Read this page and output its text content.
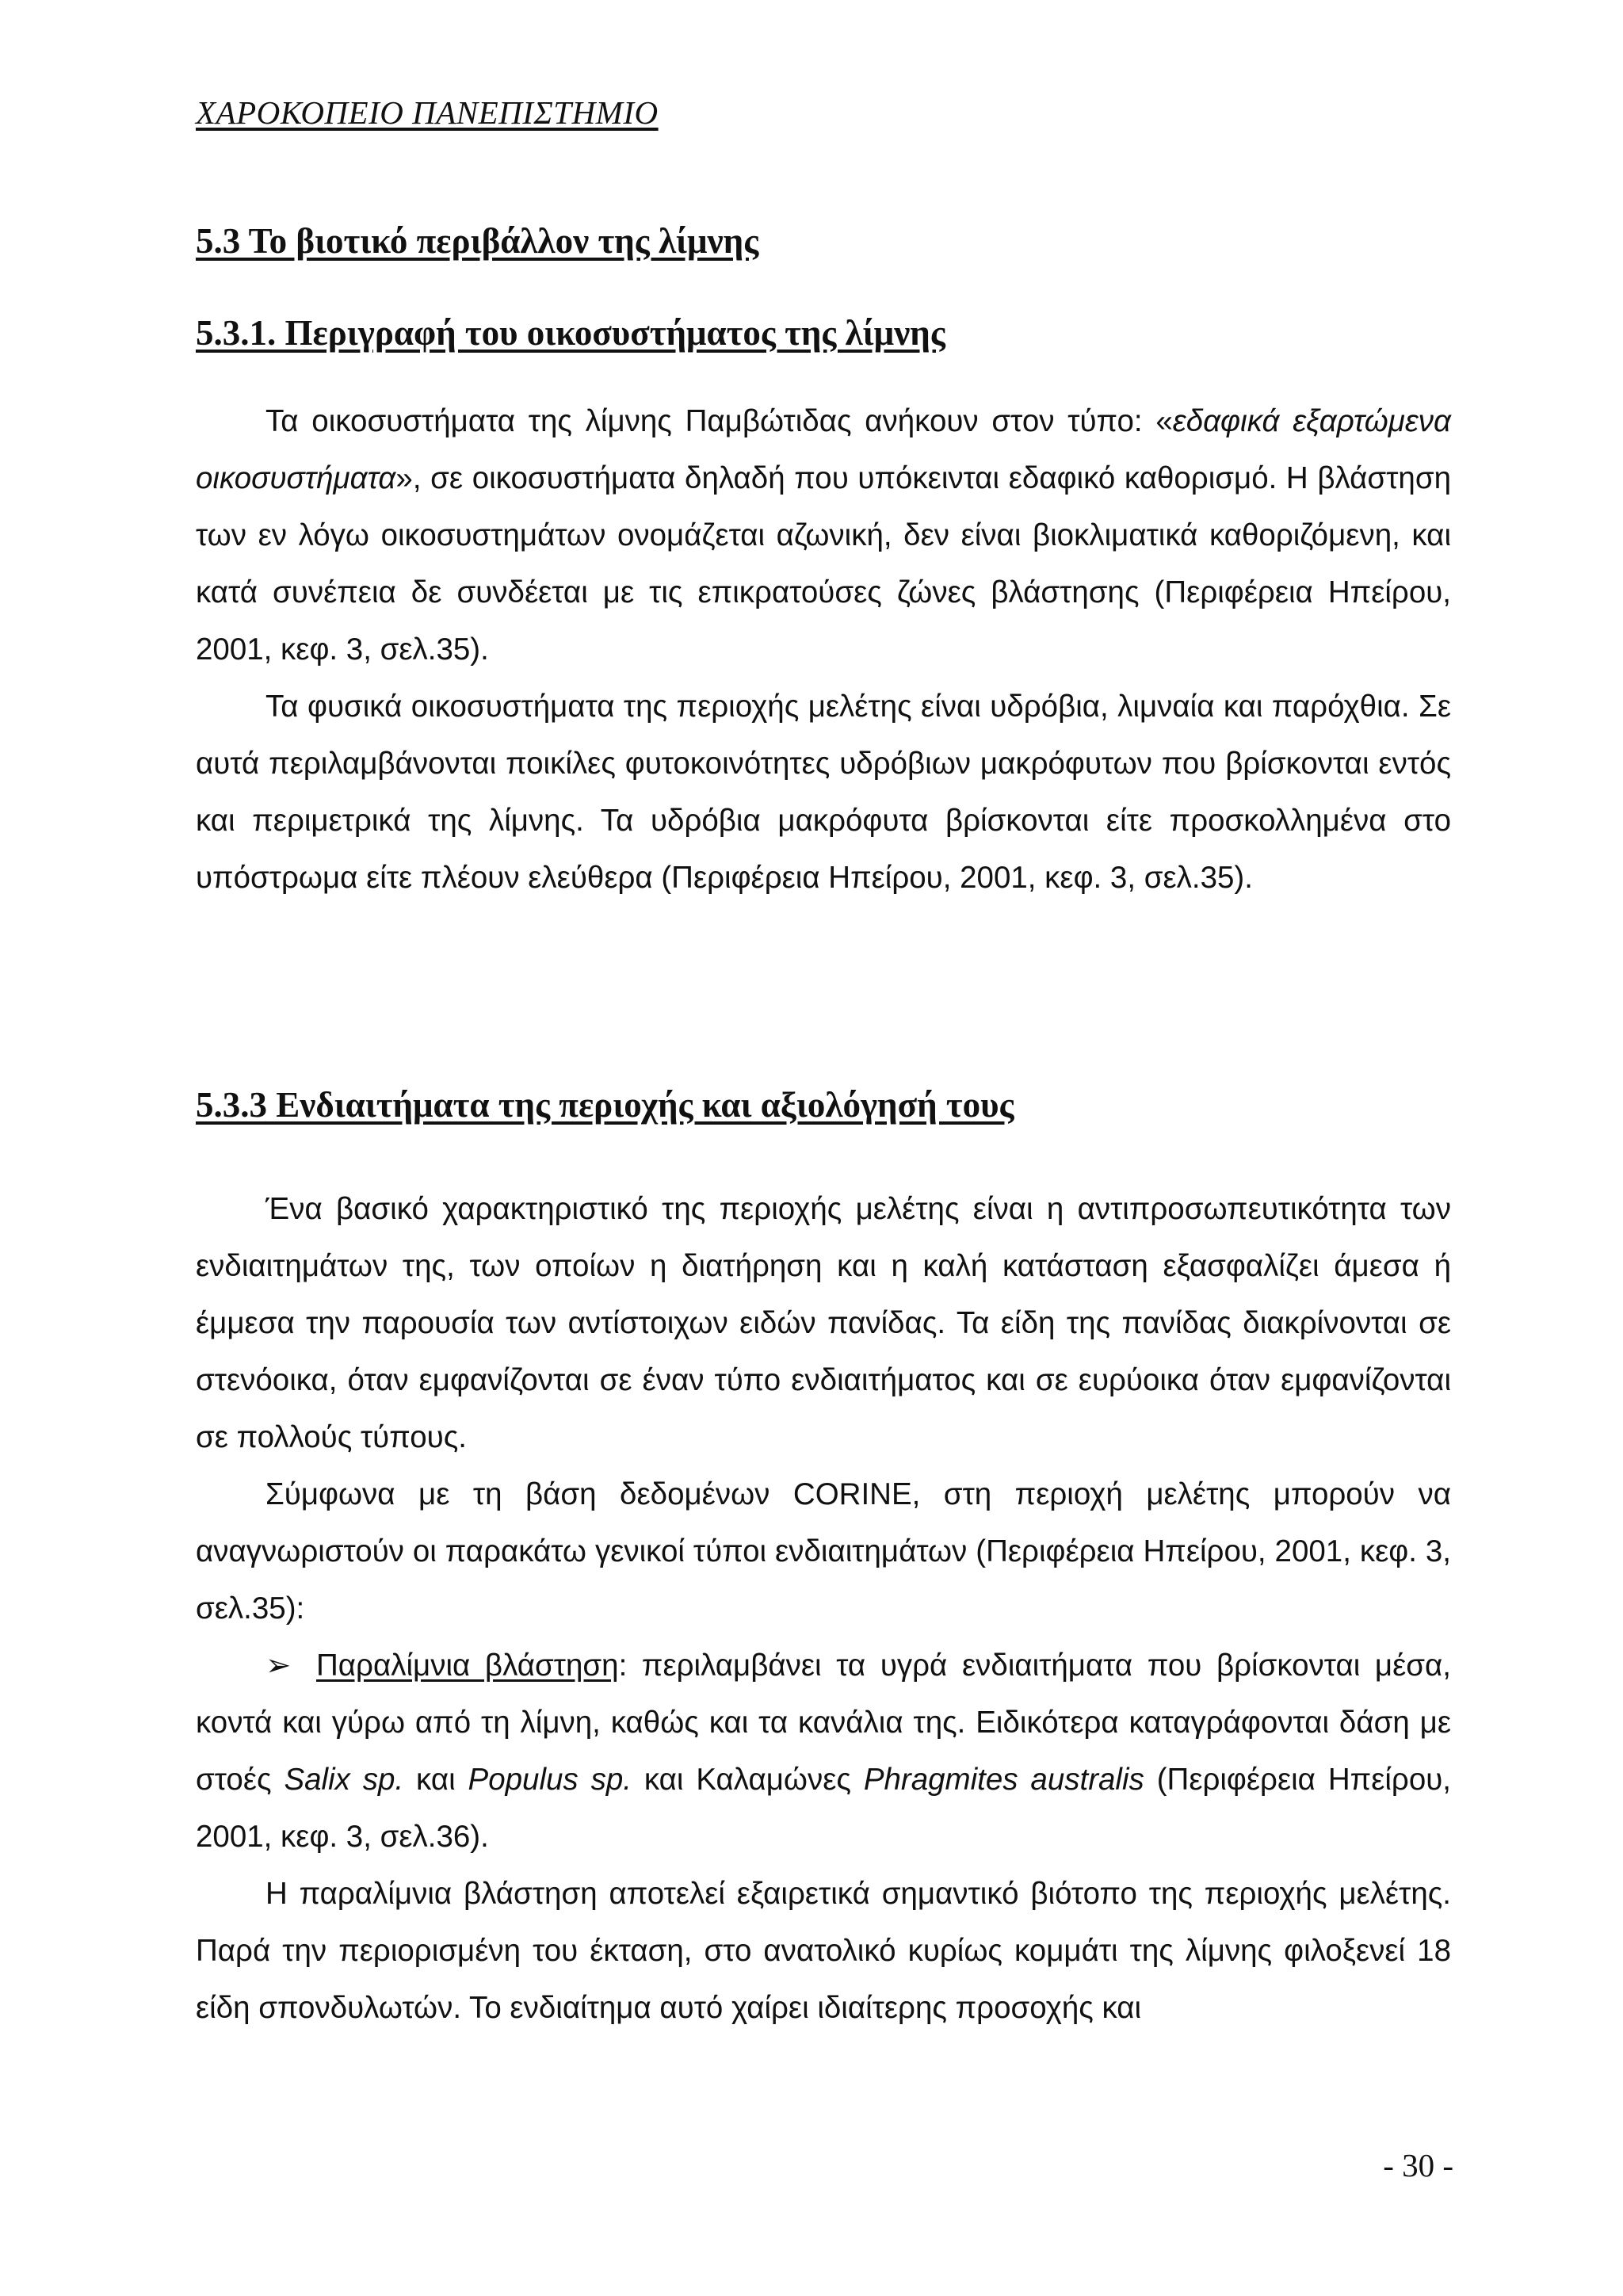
ΧΑΡΟΚΟΠΕΙΟ ΠΑΝΕΠΙΣΤΗΜΙΟ

5.3 Το βιοτικό περιβάλλον της λίμνης
5.3.1. Περιγραφή του οικοσυστήματος της λίμνης

Τα οικοσυστήματα της λίμνης Παμβώτιδας ανήκουν στον τύπο: «εδαφικά εξαρτώμενα οικοσυστήματα», σε οικοσυστήματα δηλαδή που υπόκεινται εδαφικό καθορισμό. Η βλάστηση των εν λόγω οικοσυστημάτων ονομάζεται αζωνική, δεν είναι βιοκλιματικά καθοριζόμενη, και κατά συνέπεια δε συνδέεται με τις επικρατούσες ζώνες βλάστησης (Περιφέρεια Ηπείρου, 2001, κεφ. 3, σελ.35).

Τα φυσικά οικοσυστήματα της περιοχής μελέτης είναι υδρόβια, λιμναία και παρόχθια. Σε αυτά περιλαμβάνονται ποικίλες φυτοκοινότητες υδρόβιων μακρόφυτων που βρίσκονται εντός και περιμετρικά της λίμνης. Τα υδρόβια μακρόφυτα βρίσκονται είτε προσκολλημένα στο υπόστρωμα είτε πλέουν ελεύθερα (Περιφέρεια Ηπείρου, 2001, κεφ. 3, σελ.35).

5.3.3 Ενδιαιτήματα της περιοχής και αξιολόγησή τους

Ένα βασικό χαρακτηριστικό της περιοχής μελέτης είναι η αντιπροσωπευτικότητα των ενδιαιτημάτων της, των οποίων η διατήρηση και η καλή κατάσταση εξασφαλίζει άμεσα ή έμμεσα την παρουσία των αντίστοιχων ειδών πανίδας. Τα είδη της πανίδας διακρίνονται σε στενόοικα, όταν εμφανίζονται σε έναν τύπο ενδιαιτήματος και σε ευρύοικα όταν εμφανίζονται σε πολλούς τύπους.

Σύμφωνα με τη βάση δεδομένων CORINE, στη περιοχή μελέτης μπορούν να αναγνωριστούν οι παρακάτω γενικοί τύποι ενδιαιτημάτων (Περιφέρεια Ηπείρου, 2001, κεφ. 3, σελ.35):

➢ Παραλίμνια βλάστηση: περιλαμβάνει τα υγρά ενδιαιτήματα που βρίσκονται μέσα, κοντά και γύρω από τη λίμνη, καθώς και τα κανάλια της. Ειδικότερα καταγράφονται δάση με στοές Salix sp. και Populus sp. και Καλαμώνες Phragmites australis (Περιφέρεια Ηπείρου, 2001, κεφ. 3, σελ.36).

Η παραλίμνια βλάστηση αποτελεί εξαιρετικά σημαντικό βιότοπο της περιοχής μελέτης. Παρά την περιορισμένη του έκταση, στο ανατολικό κυρίως κομμάτι της λίμνης φιλοξενεί 18 είδη σπονδυλωτών. Το ενδιαίτημα αυτό χαίρει ιδιαίτερης προσοχής και

- 30 -
